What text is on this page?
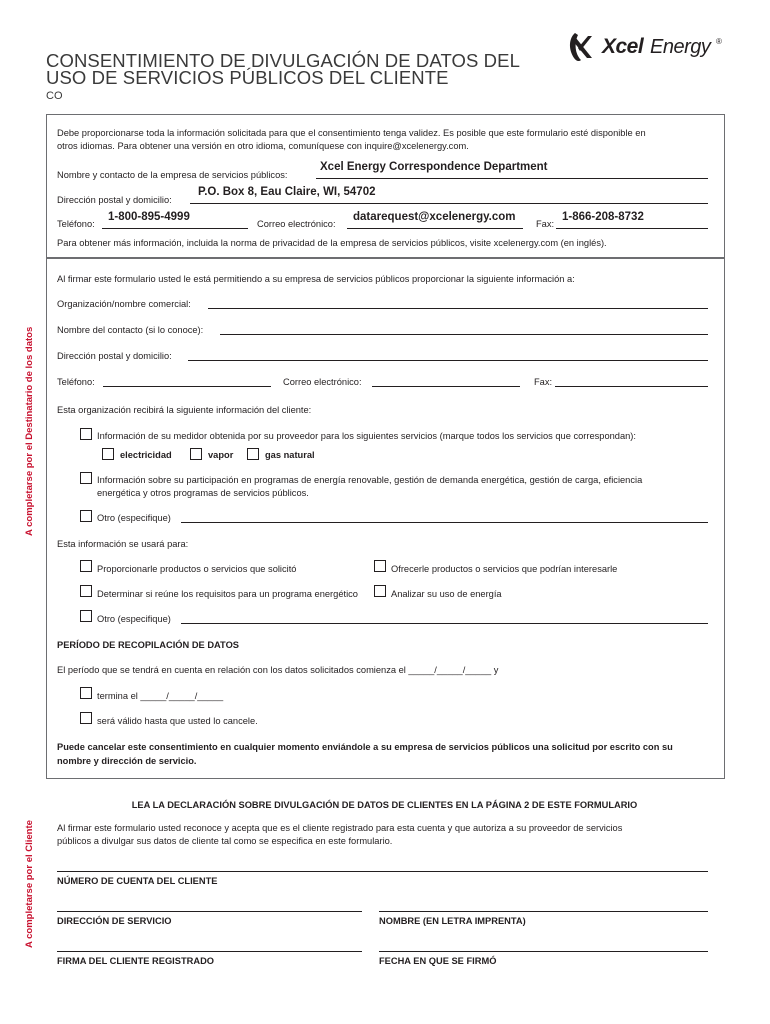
CONSENTIMIENTO DE DIVULGACIÓN DE DATOS DEL
USO DE SERVICIOS PÚBLICOS DEL CLIENTE
CO
Xcel Energy ®
Debe proporcionarse toda la información solicitada para que el consentimiento tenga validez. Es posible que este formulario esté disponible en
otros idiomas. Para obtener una versión en otro idioma, comuníquese con inquire@xcelenergy.com.
Nombre y contacto de la empresa de servicios públicos:
Xcel Energy Correspondence Department
Dirección postal y domicilio:
P.O. Box 8, Eau Claire, WI, 54702
Teléfono:
1-800-895-4999
Correo electrónico:
datarequest@xcelenergy.com
Fax:
1-866-208-8732
Para obtener más información, incluida la norma de privacidad de la empresa de servicios públicos, visite xcelenergy.com (en inglés).
A completarse por el Destinatario de los datos
Al firmar este formulario usted le está permitiendo a su empresa de servicios públicos proporcionar la siguiente información a:
Organización/nombre comercial:
Nombre del contacto (si lo conoce):
Dirección postal y domicilio:
Teléfono:	Correo electrónico:	Fax:
Esta organización recibirá la siguiente información del cliente:
Información de su medidor obtenida por su proveedor para los siguientes servicios (marque todos los servicios que correspondan):
electricidad	vapor	gas natural
Información sobre su participación en programas de energía renovable, gestión de demanda energética, gestión de carga, eficiencia
energética y otros programas de servicios públicos.
Otro (especifique)
Esta información se usará para:
Proporcionarle productos o servicios que solicitó	Ofrecerle productos o servicios que podrían interesarle
Determinar si reúne los requisitos para un programa energético	Analizar su uso de energía
Otro (especifique)
PERÍODO DE RECOPILACIÓN DE DATOS
El período que se tendrá en cuenta en relación con los datos solicitados comienza el _____/_____/_____ y
termina el _____/_____/_____
será válido hasta que usted lo cancele.
Puede cancelar este consentimiento en cualquier momento enviándole a su empresa de servicios públicos una solicitud por escrito con su
nombre y dirección de servicio.
A completarse por el Cliente
LEA LA DECLARACIÓN SOBRE DIVULGACIÓN DE DATOS DE CLIENTES EN LA PÁGINA 2 DE ESTE FORMULARIO
Al firmar este formulario usted reconoce y acepta que es el cliente registrado para esta cuenta y que autoriza a su proveedor de servicios
públicos a divulgar sus datos de cliente tal como se especifica en este formulario.
NÚMERO DE CUENTA DEL CLIENTE
DIRECCIÓN DE SERVICIO	NOMBRE (EN LETRA IMPRENTA)
FIRMA DEL CLIENTE REGISTRADO	FECHA EN QUE SE FIRMÓ
